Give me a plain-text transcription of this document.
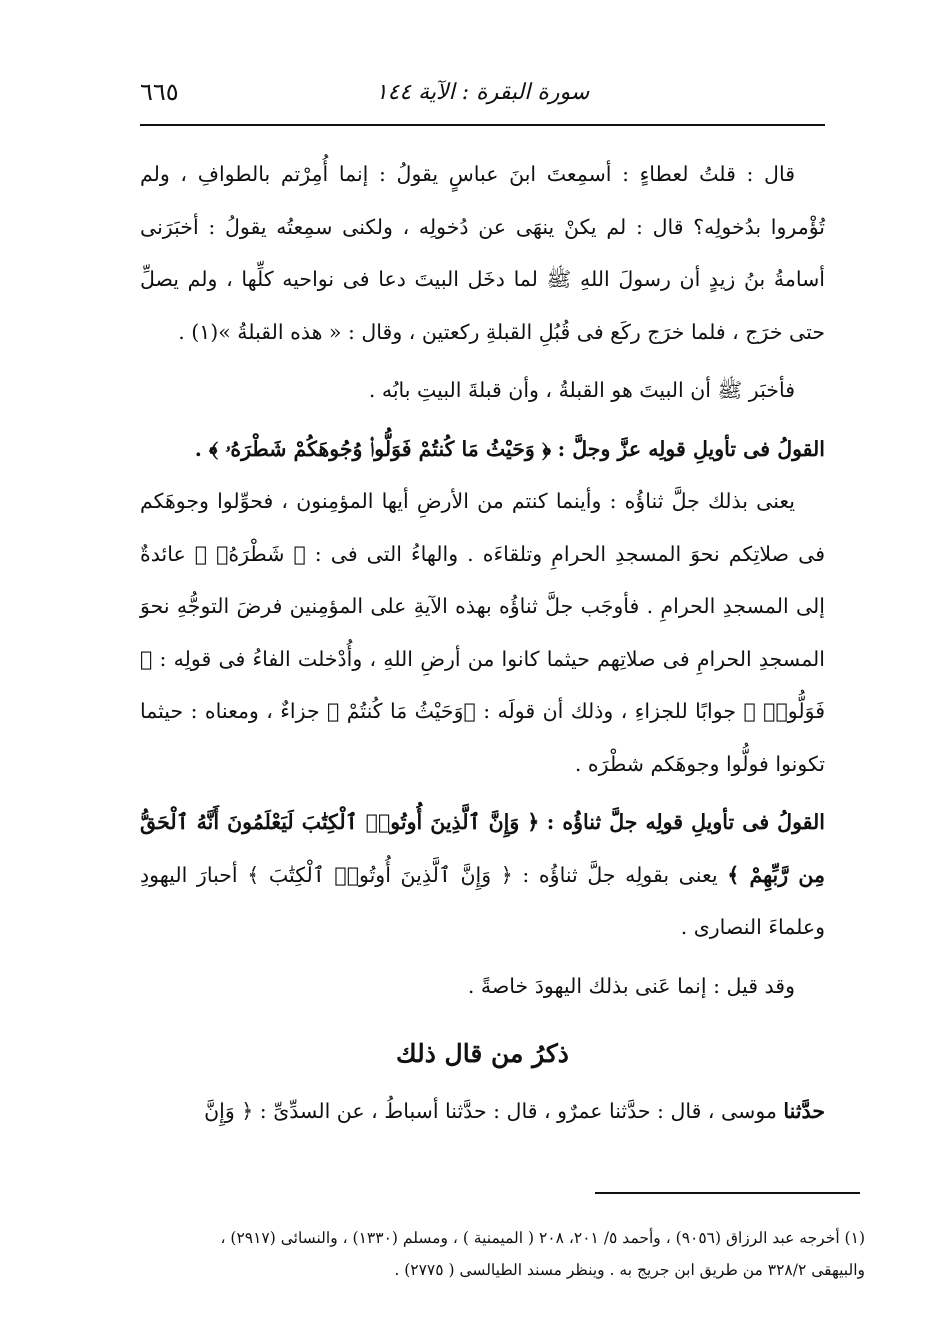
٦٦٥	سورة البقرة : الآية ١٤٤

قال : قلتُ لعطاءٍ : أسمِعتَ ابنَ عباسٍ يقولُ : إنما أُمِرْتم بالطوافِ ، ولم تُؤْمروا بدُخولِه؟ قال : لم يكنْ ينهَى عن دُخولِه ، ولكنى سمِعتُه يقولُ : أخبَرَنى أسامةُ بنُ زيدٍ أن رسولَ اللهِ ﷺ لما دخَل البيتَ دعا فى نواحيه كلِّها ، ولم يصلِّ حتى خرَج ، فلما خرَج ركَع فى قُبُلِ القبلةِ ركعتين ، وقال : « هذه القبلةُ »(١) .

فأخبَر ﷺ أن البيتَ هو القبلةُ ، وأن قبلةَ البيتِ بابُه .

القولُ فى تأويلِ قولِه عزَّ وجلَّ : ﴿ وَحَيْثُ مَا كُنتُمْ فَوَلُّوا۟ وُجُوهَكُمْ شَطْرَهُۥ ﴾ .

يعنى بذلك جلَّ ثناؤُه : وأينما كنتم من الأرضِ أيها المؤمِنون ، فحوِّلوا وجوهَكم فى صلاتِكم نحوَ المسجدِ الحرامِ وتلقاءَه . والهاءُ التى فى : ﴿ شَطْرَهُۥ ﴾ عائدةٌ إلى المسجدِ الحرامِ . فأوجَب جلَّ ثناؤُه بهذه الآيةِ على المؤمِنين فرضَ التوجُّهِ نحوَ المسجدِ الحرامِ فى صلاتِهم حيثما كانوا من أرضِ اللهِ ، وأُدْخلت الفاءُ فى قولِه : ﴿ فَوَلُّوا۟ ﴾ جوابًا للجزاءِ ، وذلك أن قولَه : ﴿وَحَيْثُ مَا كُنتُمْ ﴾ جزاءٌ ، ومعناه : حيثما تكونوا فولُّوا وجوهَكم شطْرَه .

القولُ فى تأويلِ قولِه جلَّ ثناؤُه : ﴿ وَإِنَّ ٱلَّذِينَ أُوتُوا۟ ٱلْكِتَٰبَ لَيَعْلَمُونَ أَنَّهُ ٱلْحَقُّ مِن رَّبِّهِمْ ﴾ يعنى بقولِه جلَّ ثناؤُه : ﴿ وَإِنَّ ٱلَّذِينَ أُوتُوا۟ ٱلْكِتَٰبَ ﴾ أحبارَ اليهودِ وعلماءَ النصارى .

وقد قيل : إنما عَنى بذلك اليهودَ خاصةً .

ذكرُ من قال ذلك

حدَّثنا موسى ، قال : حدَّثنا عمرٌو ، قال : حدَّثنا أسباطُ ، عن السدِّىِّ : ﴿ وَإِنَّ

(١) أخرجه عبد الرزاق (٩٠٥٦) ، وأحمد ٥/ ٢٠١، ٢٠٨ ( الميمنية ) ، ومسلم (١٣٣٠) ، والنسائى (٢٩١٧) ،

والبيهقى ٣٢٨/٢ من طريق ابن جريج به . وينظر مسند الطيالسى ( ٢٧٧٥) .
